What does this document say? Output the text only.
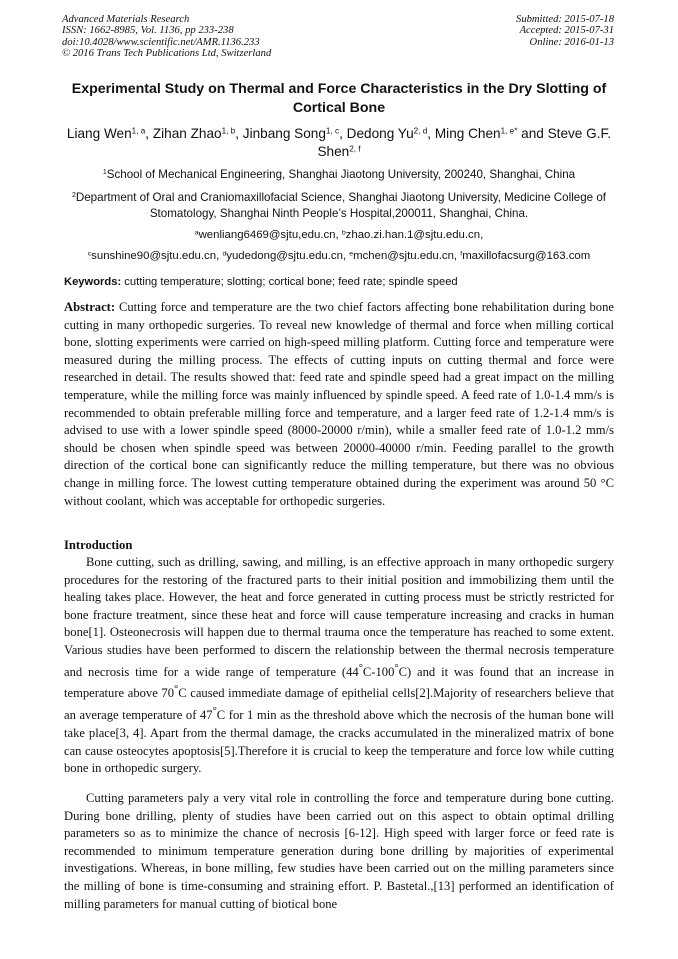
Advanced Materials Research
ISSN: 1662-8985, Vol. 1136, pp 233-238
doi:10.4028/www.scientific.net/AMR.1136.233
© 2016 Trans Tech Publications Ltd, Switzerland
Submitted: 2015-07-18
Accepted: 2015-07-31
Online: 2016-01-13
Experimental Study on Thermal and Force Characteristics in the Dry Slotting of Cortical Bone
Liang Wen$^{1, a}$, Zihan Zhao$^{1, b}$, Jinbang Song$^{1, c}$, Dedong Yu$^{2, d}$, Ming Chen$^{1, e*}$ and Steve G.F. Shen$^{2, f}$
$^1$School of Mechanical Engineering, Shanghai Jiaotong University, 200240, Shanghai, China
$^2$Department of Oral and Craniomaxillofacial Science, Shanghai Jiaotong University, Medicine College of Stomatology, Shanghai Ninth People’s Hospital,200011, Shanghai, China.
$^a$wenliang6469@sjtu,edu.cn, $^b$zhao.zi.han.1@sjtu.edu.cn,
$^c$sunshine90@sjtu.edu.cn, $^d$yudedong@sjtu.edu.cn, $^e$mchen@sjtu.edu.cn, $^f$maxillofacsurg@163.com
Keywords: cutting temperature; slotting; cortical bone; feed rate; spindle speed

Abstract: Cutting force and temperature are the two chief factors affecting bone rehabilitation during bone cutting in many orthopedic surgeries. To reveal new knowledge of thermal and force when milling cortical bone, slotting experiments were carried on high-speed milling platform. Cutting force and temperature were measured during the milling process. The effects of cutting inputs on cutting thermal and force were researched in detail. The results showed that: feed rate and spindle speed had a great impact on the milling temperature, while the milling force was mainly influenced by spindle speed. A feed rate of 1.0-1.4 mm/s is recommended to obtain preferable milling force and temperature, and a larger feed rate of 1.2-1.4 mm/s is advised to use with a lower spindle speed (8000-20000 r/min), while a smaller feed rate of 1.0-1.2 mm/s should be chosen when spindle speed was between 20000-40000 r/min. Feeding parallel to the growth direction of the cortical bone can significantly reduce the milling temperature, but there was no obvious change in milling force. The lowest cutting temperature obtained during the experiment was around 50 °C without coolant, which was acceptable for orthopedic surgeries.

Introduction

Bone cutting, such as drilling, sawing, and milling, is an effective approach in many orthopedic surgery procedures for the restoring of the fractured parts to their initial position and immobilizing them until the healing takes place. However, the heat and force generated in cutting process must be strictly restricted for bone fracture treatment, since these heat and force will cause temperature increasing and cracks in human bone[1]. Osteonecrosis will happen due to thermal trauma once the temperature has reached to some extent. Various studies have been performed to discern the relationship between the thermal necrosis temperature and necrosis time for a wide range of temperature (44°C-100°C) and it was found that an increase in temperature above 70°C caused immediate damage of epithelial cells[2].Majority of researchers believe that an average temperature of 47°C for 1 min as the threshold above which the necrosis of the human bone will take place[3, 4]. Apart from the thermal damage, the cracks accumulated in the mineralized matrix of bone can cause osteocytes apoptosis[5].Therefore it is crucial to keep the temperature and force low while cutting bone in orthopedic surgery.

Cutting parameters paly a very vital role in controlling the force and temperature during bone cutting. During bone drilling, plenty of studies have been carried out on this aspect to obtain optimal drilling parameters so as to minimize the chance of necrosis [6-12]. High speed with larger force or feed rate is recommended to minimum temperature generation during bone drilling by majorities of experimental investigations. Whereas, in bone milling, few studies have been carried out on the milling parameters since the milling of bone is time-consuming and straining effort. P. Bastetal.,[13] performed an identification of milling parameters for manual cutting of biotical bone
